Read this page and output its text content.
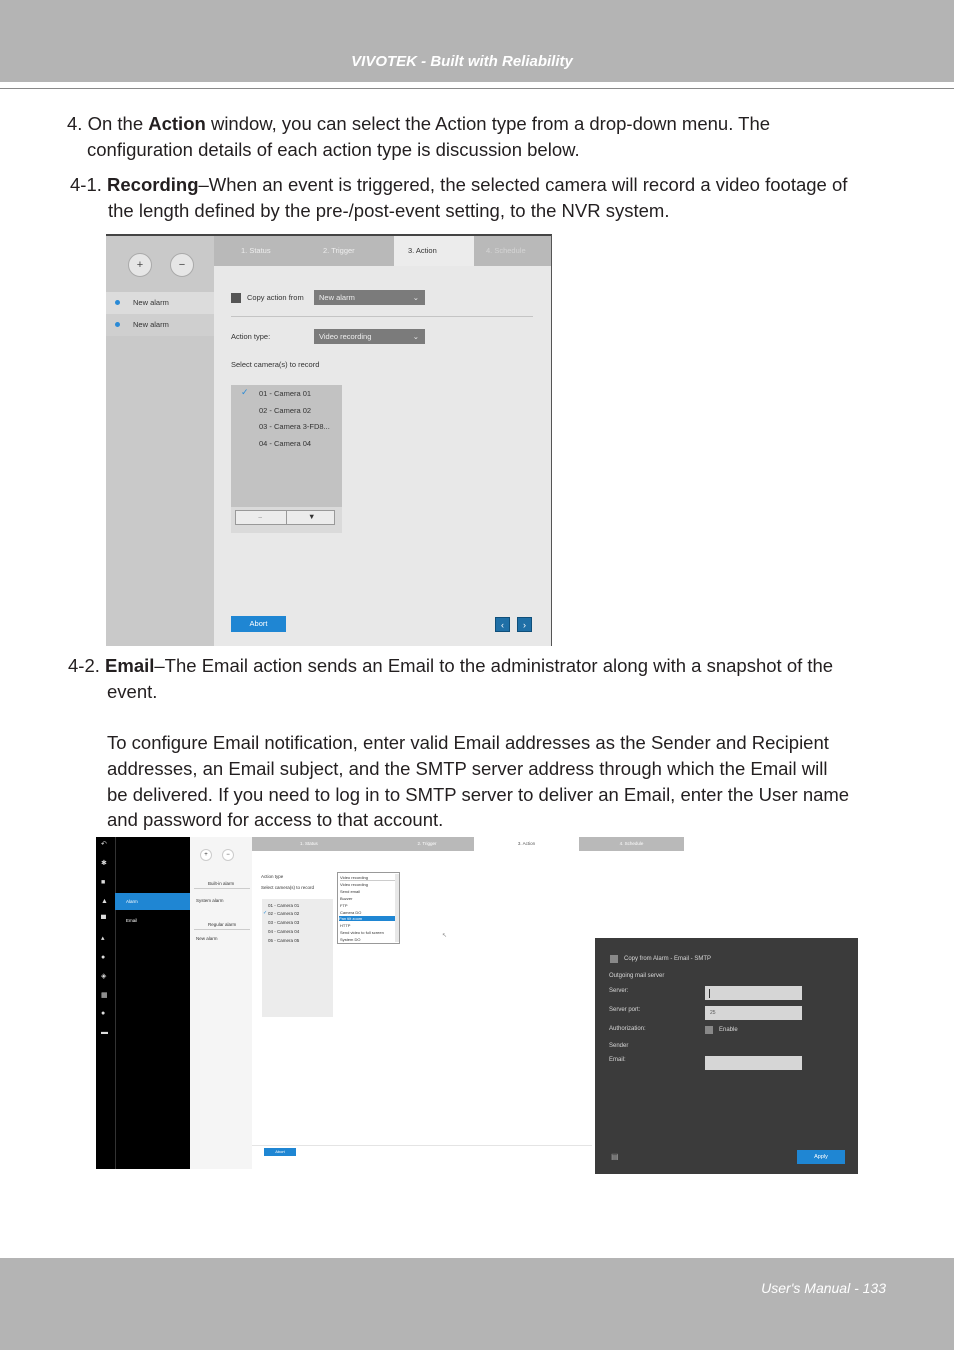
VIVOTEK - Built with Reliability
4. On the Action window, you can select the Action type from a drop-down menu. The
configuration details of each action type is discussion below.
4-1. Recording–When an event is triggered, the selected camera will record a video footage of
the length defined by the pre-/post-event setting, to the NVR system.
+	−
New alarm
New alarm
1. Status	2. Trigger	3. Action	4. Schedule
Copy action from	New alarm	⌄
Action type:	Video recording	⌄
Select camera(s) to record
✓ 01 - Camera 01
02 - Camera 02
03 - Camera 3-FD8...
04 - Camera 04
−	▼
Abort	‹	›
4-2. Email–The Email action sends an Email to the administrator along with a snapshot of the
event.
To configure Email notification, enter valid Email addresses as the Sender and Recipient
addresses, an Email subject, and the SMTP server address through which the Email will
be delivered. If you need to log in to SMTP server to deliver an Email, enter the User name
and password for access to that account.
↶
✱
■
▲
▀
▴
●
◈
▦
●
▬
Alarm
Email
+	−
Built-in alarm
System alarm
Regular alarm
New alarm
1. Status	2. Trigger	3. Action	4. Schedule
Action type
Select camera(s) to record
01 - Camera 01
✓ 02 - Camera 02
03 - Camera 03
04 - Camera 04
05 - Camera 05
Video recording
Video recording
Send email
Buzzer
FTP
Camera DO
Pan tilt zoom
HTTP
Send video to full screen
System DO
↖
Abort
Copy from Alarm - Email - SMTP
Outgoing mail server
Server:
Server port:	25
Authorization:	Enable
Sender
Email:
▤	Apply
User's Manual - 133
